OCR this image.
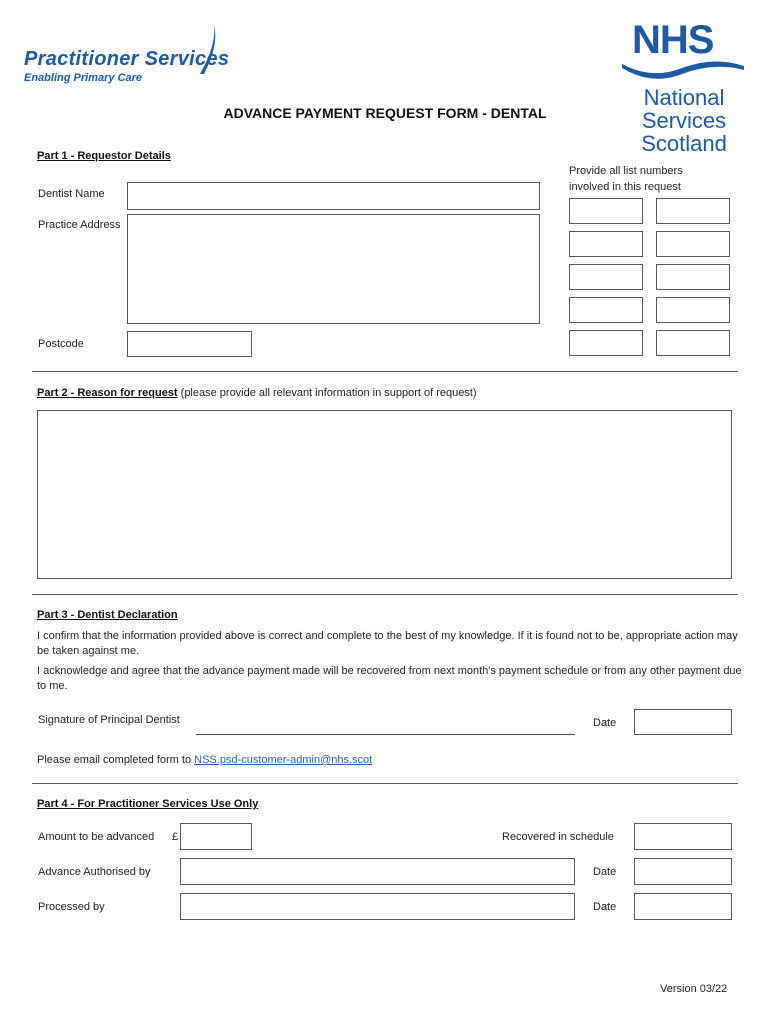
Practitioner Services
Enabling Primary Care
NHS
National
Services
Scotland
ADVANCE PAYMENT REQUEST FORM - DENTAL
Part 1 - Requestor Details
Dentist Name
Practice Address
Postcode
Provide all list numbers
involved in this request
Part 2 - Reason for request (please provide all relevant information in support of request)
Part 3 - Dentist Declaration
I confirm that the information provided above is correct and complete to the best of my knowledge. If it is found not to be, appropriate action may be taken against me.
I acknowledge and agree that the advance payment made will be recovered from next month's payment schedule or from any other payment due to me.
Signature of Principal Dentist	Date
Please email completed form to NSS.psd-customer-admin@nhs.scot
Part 4 - For Practitioner Services Use Only
Amount to be advanced £	Recovered in schedule
Advance Authorised by	Date
Processed by	Date
Version 03/22
